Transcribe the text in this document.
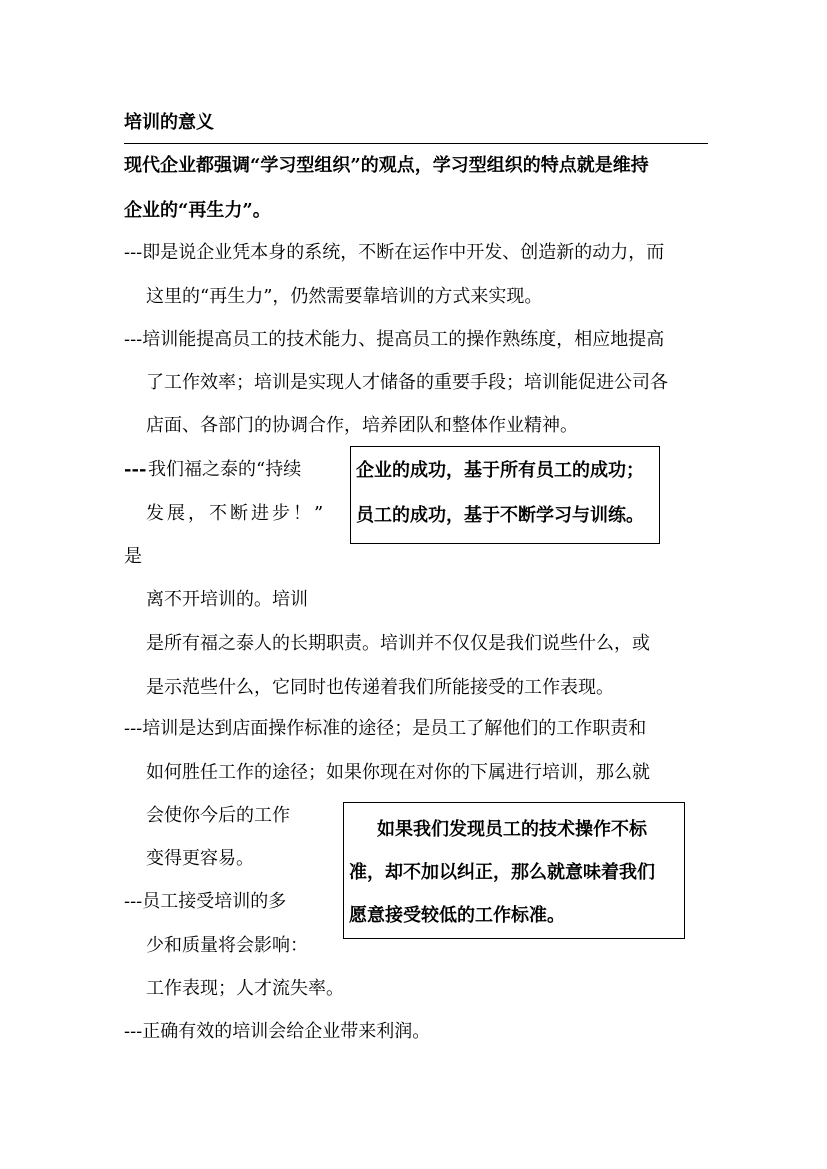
培训的意义
现代企业都强调“学习型组织”的观点，学习型组织的特点就是维持
企业的“再生力”。
---即是说企业凭本身的系统，不断在运作中开发、创造新的动力，而
这里的“再生力”，仍然需要靠培训的方式来实现。
---培训能提高员工的技术能力、提高员工的操作熟练度，相应地提高
了工作效率；培训是实现人才储备的重要手段；培训能促进公司各
店面、各部门的协调合作，培养团队和整体作业精神。
--- 我们福之泰的“持续
发展，不断进步！”
是
离不开培训的。培训
是所有福之泰人的长期职责。培训并不仅仅是我们说些什么，或
是示范些什么，它同时也传递着我们所能接受的工作表现。
企业的成功，基于所有员工的成功；
员工的成功，基于不断学习与训练。
---培训是达到店面操作标准的途径；是员工了解他们的工作职责和
如何胜任工作的途径；如果你现在对你的下属进行培训，那么就
会使你今后的工作
变得更容易。
---员工接受培训的多
少和质量将会影响：
工作表现；人才流失率。
如果我们发现员工的技术操作不标
准，却不加以纠正，那么就意味着我们
愿意接受较低的工作标准。
---正确有效的培训会给企业带来利润。
